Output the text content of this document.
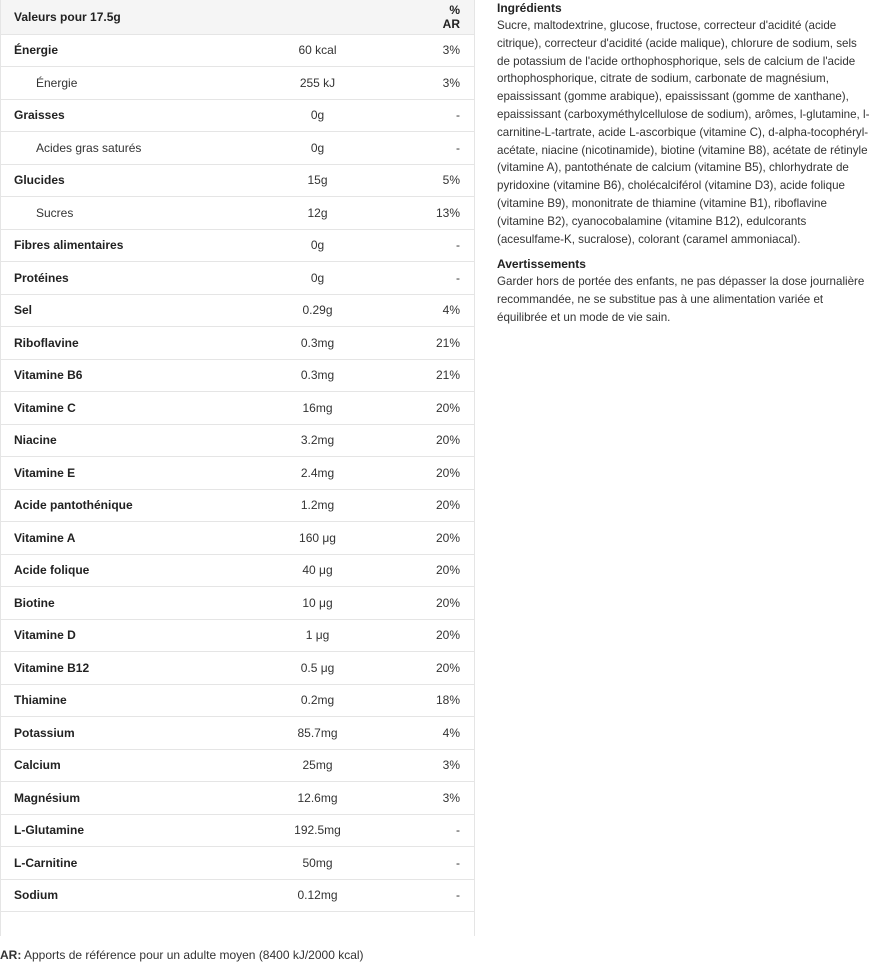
Valeurs pour 17.5g		% AR
Énergie	60 kcal	3%
Énergie	255 kJ	3%
Graisses	0g	-
Acides gras saturés	0g	-
Glucides	15g	5%
Sucres	12g	13%
Fibres alimentaires	0g	-
Protéines	0g	-
Sel	0.29g	4%
Riboflavine	0.3mg	21%
Vitamine B6	0.3mg	21%
Vitamine C	16mg	20%
Niacine	3.2mg	20%
Vitamine E	2.4mg	20%
Acide pantothénique	1.2mg	20%
Vitamine A	160 μg	20%
Acide folique	40 μg	20%
Biotine	10 μg	20%
Vitamine D	1 μg	20%
Vitamine B12	0.5 μg	20%
Thiamine	0.2mg	18%
Potassium	85.7mg	4%
Calcium	25mg	3%
Magnésium	12.6mg	3%
L-Glutamine	192.5mg	-
L-Carnitine	50mg	-
Sodium	0.12mg	-
AR: Apports de référence pour un adulte moyen (8400 kJ/2000 kcal)
Ingrédients

Sucre, maltodextrine, glucose, fructose, correcteur d'acidité (acide citrique), correcteur d'acidité (acide malique), chlorure de sodium, sels de potassium de l'acide orthophosphorique, sels de calcium de l'acide orthophosphorique, citrate de sodium, carbonate de magnésium, epaississant (gomme arabique), epaississant (gomme de xanthane), epaississant (carboxyméthylcellulose de sodium), arômes, l-glutamine, l-carnitine-L-tartrate, acide L-ascorbique (vitamine C), d-alpha-tocophéryl-acétate, niacine (nicotinamide), biotine (vitamine B8), acétate de rétinyle (vitamine A), pantothénate de calcium (vitamine B5), chlorhydrate de pyridoxine (vitamine B6), cholécalciférol (vitamine D3), acide folique (vitamine B9), mononitrate de thiamine (vitamine B1), riboflavine (vitamine B2), cyanocobalamine (vitamine B12), edulcorants (acesulfame-K, sucralose), colorant (caramel ammoniacal).

Avertissements

Garder hors de portée des enfants, ne pas dépasser la dose journalière recommandée, ne se substitue pas à une alimentation variée et équilibrée et un mode de vie sain.
